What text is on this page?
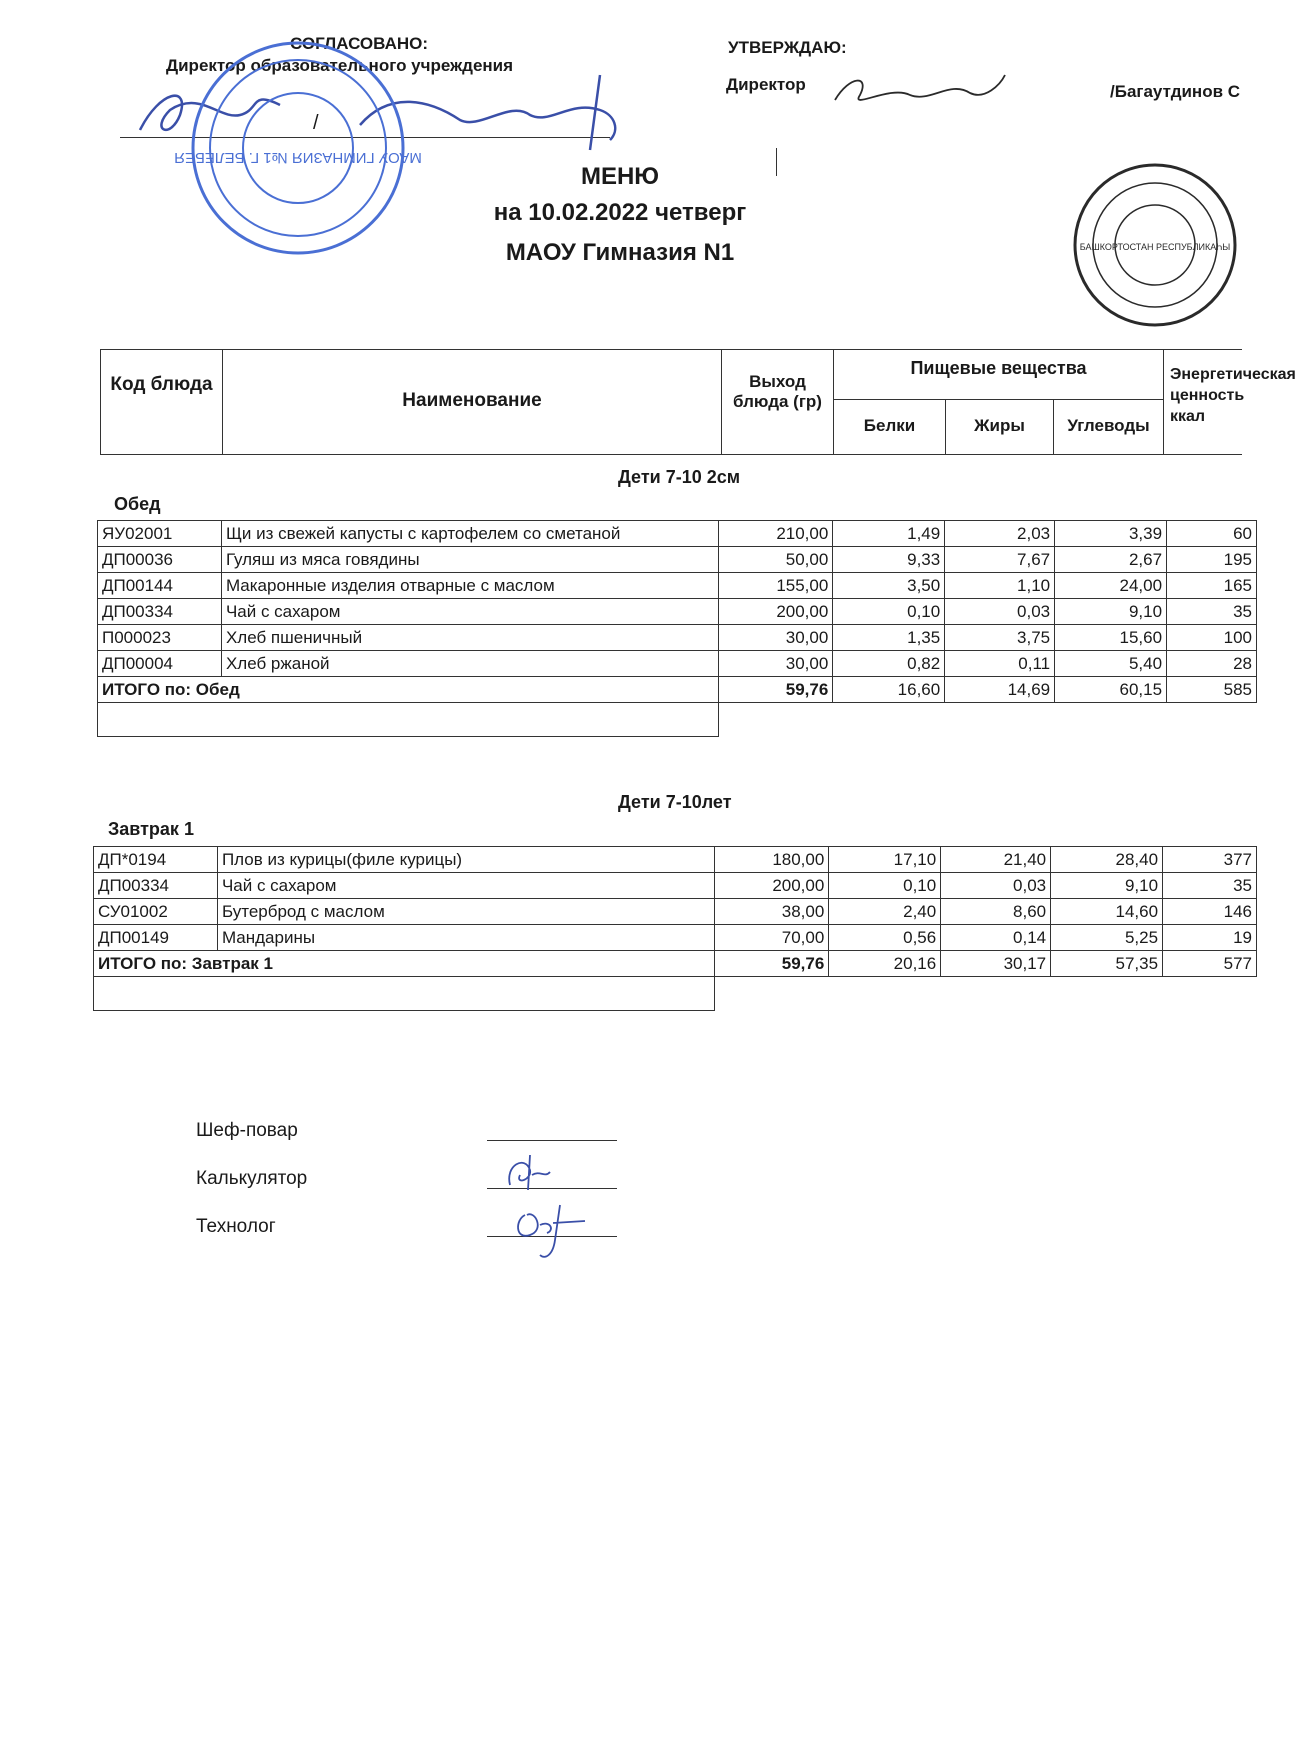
СОГЛАСОВАНО:
Директор образовательного учреждения
/
УТВЕРЖДАЮ:
Директор	/Багаутдинов С
МАОУ ГИМНАЗИЯ №1 Г. БЕЛЕБЕЯ
БАШКОРТОСТАН РЕСПУБЛИКАҺЫ
МЕНЮ
на 10.02.2022 четверг
МАОУ Гимназия N1
Код блюда
Наименование
Выход блюда (гр)
Пищевые вещества
Белки	Жиры	Углеводы
Энергетическая ценность ккал
Дети 7-10 2см
Обед
ЯУ02001	Щи из свежей капусты с картофелем со сметаной	210,00	1,49	2,03	3,39	60
ДП00036	Гуляш из мяса говядины	50,00	9,33	7,67	2,67	195
ДП00144	Макаронные изделия отварные с маслом	155,00	3,50	1,10	24,00	165
ДП00334	Чай с сахаром	200,00	0,10	0,03	9,10	35
П000023	Хлеб пшеничный	30,00	1,35	3,75	15,60	100
ДП00004	Хлеб ржаной	30,00	0,82	0,11	5,40	28
ИТОГО по: Обед		59,76	16,60	14,69	60,15	585

Дети 7-10лет
Завтрак 1
ДП*0194	Плов из курицы(филе курицы)	180,00	17,10	21,40	28,40	377
ДП00334	Чай с сахаром	200,00	0,10	0,03	9,10	35
СУ01002	Бутерброд с маслом	38,00	2,40	8,60	14,60	146
ДП00149	Мандарины	70,00	0,56	0,14	5,25	19
ИТОГО по: Завтрак 1		59,76	20,16	30,17	57,35	577

Шеф-повар
Калькулятор
Технолог
